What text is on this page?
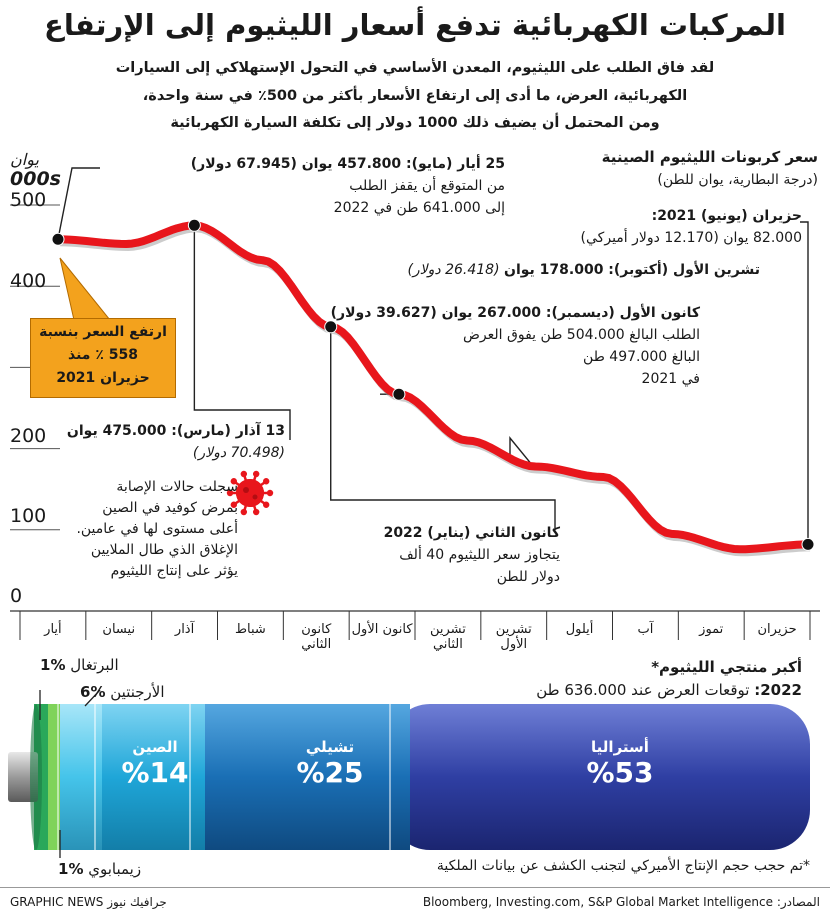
المركبات الكهربائية تدفع أسعار الليثيوم إلى الإرتفاع
لقد فاق الطلب على الليثيوم، المعدن الأساسي في التحول الإستهلاكي إلى السيارات
الكهربائية، العرض، ما أدى إلى ارتفاع الأسعار بأكثر من 500٪ في سنة واحدة،
ومن المحتمل أن يضيف ذلك 1000 دولار إلى تكلفة السيارة الكهربائية
يوان
000s
500
400
200
100
0
سعر كربونات الليثيوم الصينية
(درجة البطارية، يوان للطن)
25 أيار (مايو): 457.800 يوان (67.945 دولار)
من المتوقع أن يقفز الطلب
إلى 641.000 طن في 2022	حزيران (يونيو) 2021:
82.000 يوان (12.170 دولار أميركي)
تشرين الأول (أكتوبر): 178.000 يوان (26.418 دولار)
كانون الأول (ديسمبر): 267.000 يوان (39.627 دولار)
الطلب البالغ 504.000 طن يفوق العرض
البالغ 497.000 طن
في 2021
13 آذار (مارس): 475.000 يوان
(70.498 دولار)
سجلت حالات الإصابة
بمرض كوفيد في الصين
أعلى مستوى لها في عامين.
الإغلاق الذي طال الملايين
يؤثر على إنتاج الليثيوم
كانون الثاني (يناير) 2022
يتجاوز سعر الليثيوم 40 ألف
دولار للطن
ارتفع السعر بنسبة
558 ٪ منذ
حزيران 2021
حزيران
تموز
آب
أيلول
تشرين الأول
تشرين الثاني
كانون الأول
كانون الثاني
شباط
آذار
نيسان
أيار
أكبر منتجي الليثيوم*
2022: توقعات العرض عند 636.000 طن
أستراليا
%53
تشيلي
%25
الصين
%14
الأرجنتين %6
البرتغال %1
زيمبابوي %1	*تم حجب حجم الإنتاج الأميركي لتجنب الكشف عن بيانات الملكية
المصادر: Bloomberg, Investing.com, S&P Global Market Intelligence
جرافيك نيوز GRAPHIC NEWS
